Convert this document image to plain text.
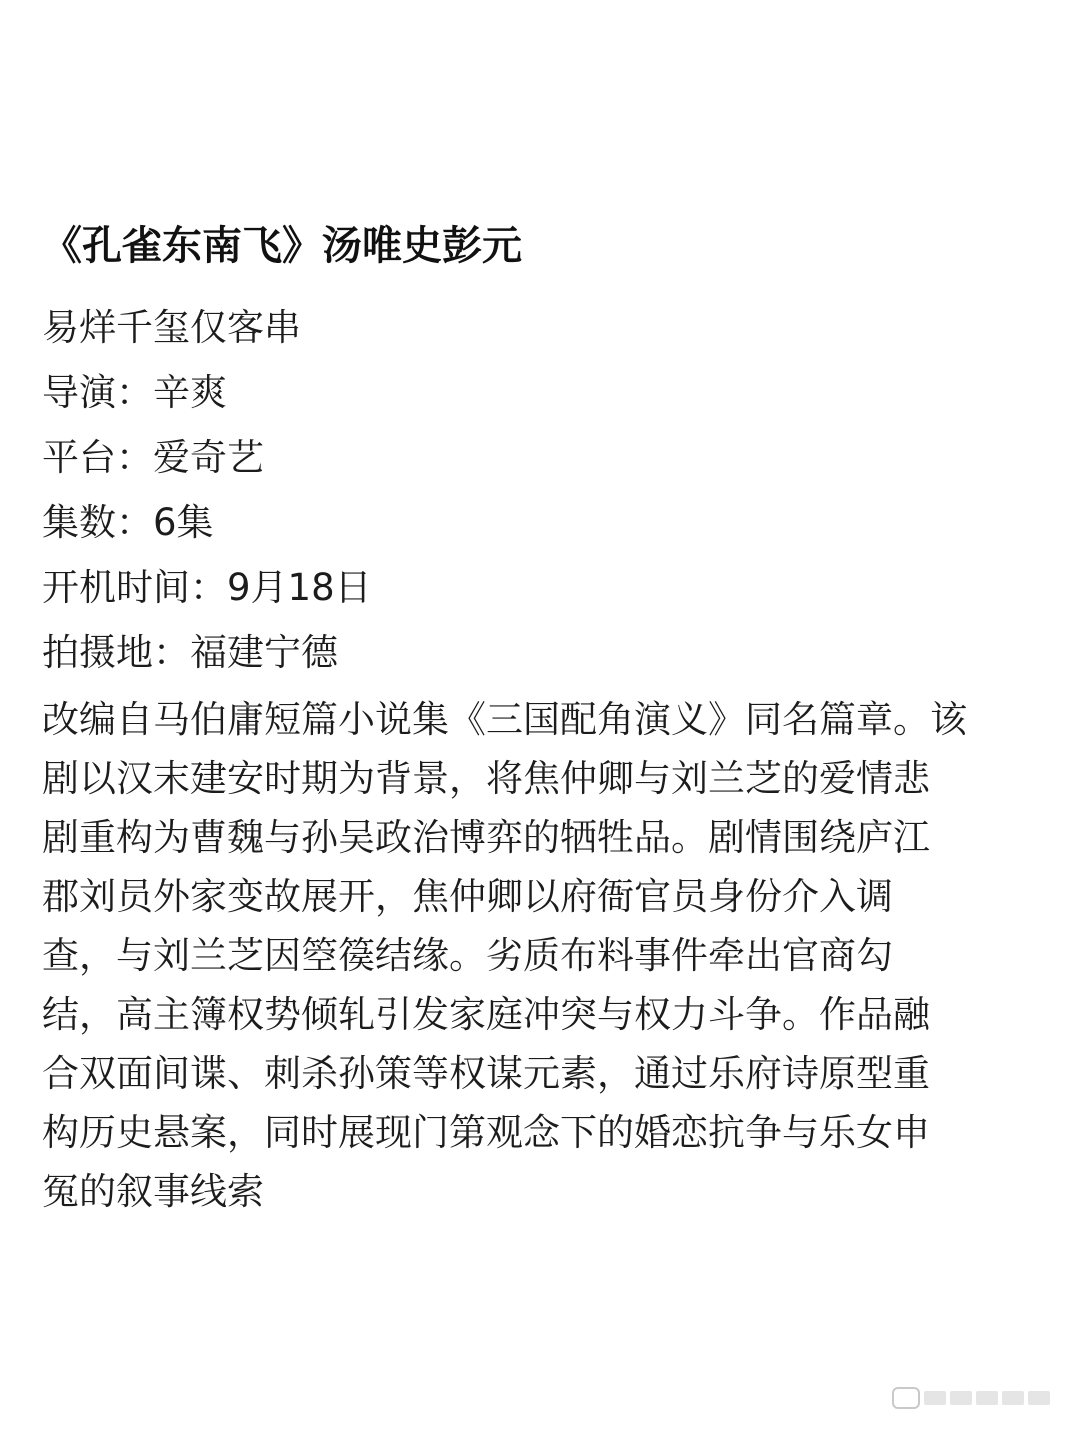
《孔雀东南飞》汤唯史彭元
易烊千玺仅客串
导演：辛爽
平台：爱奇艺
集数：6集
开机时间：9月18日
拍摄地：福建宁德
改编自马伯庸短篇小说集《三国配角演义》同名篇章。该
剧以汉末建安时期为背景，将焦仲卿与刘兰芝的爱情悲
剧重构为曹魏与孙吴政治博弈的牺牲品。剧情围绕庐江
郡刘员外家变故展开，焦仲卿以府衙官员身份介入调
查，与刘兰芝因箜篌结缘。劣质布料事件牵出官商勾
结，高主簿权势倾轧引发家庭冲突与权力斗争。作品融
合双面间谍、刺杀孙策等权谋元素，通过乐府诗原型重
构历史悬案，同时展现门第观念下的婚恋抗争与乐女申
冤的叙事线索
